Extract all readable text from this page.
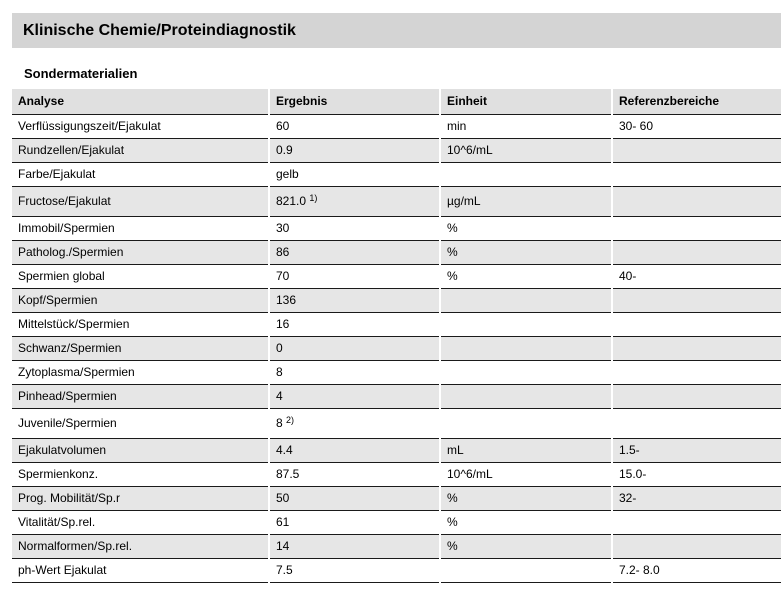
Klinische Chemie/Proteindiagnostik
Sondermaterialien
Analyse	Ergebnis	Einheit	Referenzbereiche
Verflüssigungszeit/Ejakulat	60	min	30- 60
Rundzellen/Ejakulat	0.9	10^6/mL	
Farbe/Ejakulat	gelb		
Fructose/Ejakulat	821.0 $^{1)}$	µg/mL	
Immobil/Spermien	30	%	
Patholog./Spermien	86	%	
Spermien global	70	%	40-
Kopf/Spermien	136		
Mittelstück/Spermien	16		
Schwanz/Spermien	0		
Zytoplasma/Spermien	8		
Pinhead/Spermien	4		
Juvenile/Spermien	8 $^{2)}$		
Ejakulatvolumen	4.4	mL	1.5-
Spermienkonz.	87.5	10^6/mL	15.0-
Prog. Mobilität/Sp.r	50	%	32-
Vitalität/Sp.rel.	61	%	
Normalformen/Sp.rel.	14	%	
ph-Wert Ejakulat	7.5		7.2- 8.0
